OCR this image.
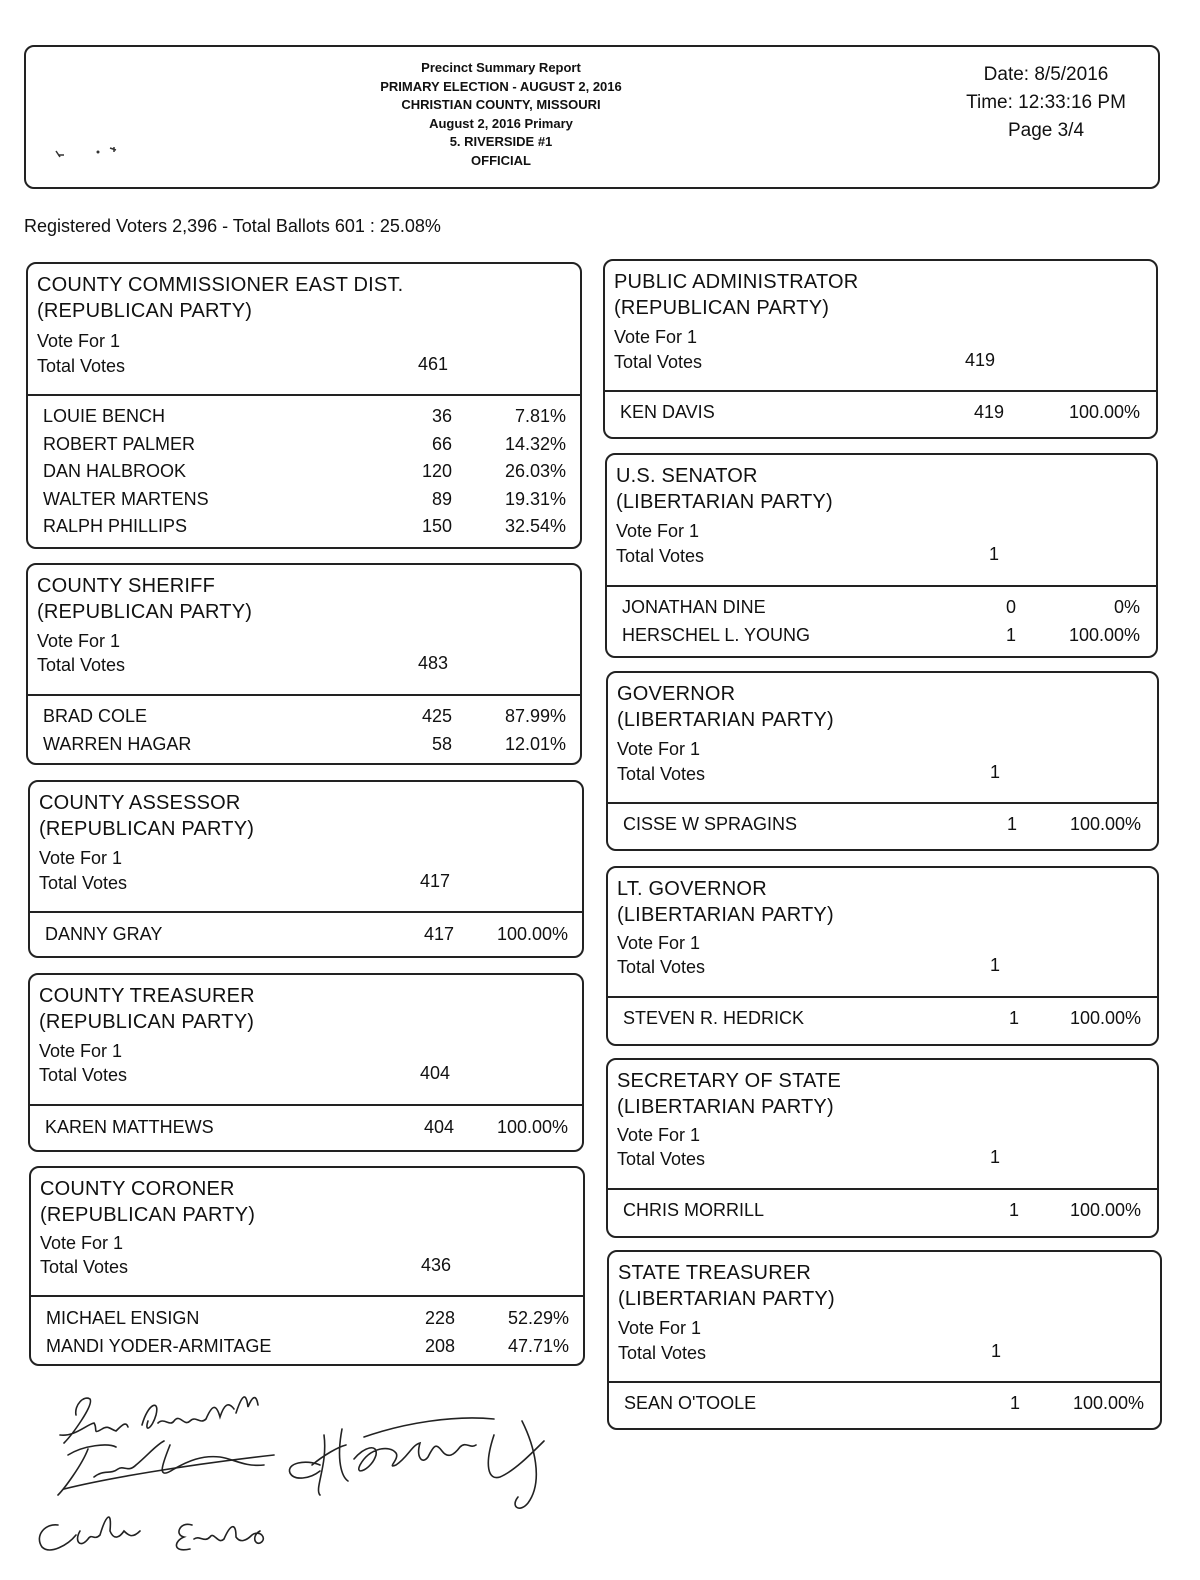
Precinct Summary Report
PRIMARY ELECTION - AUGUST 2, 2016
CHRISTIAN COUNTY, MISSOURI
August 2, 2016 Primary
5. RIVERSIDE #1
OFFICIAL
Date: 8/5/2016
Time: 12:33:16 PM
Page 3/4
Registered Voters 2,396 - Total Ballots 601 : 25.08%
COUNTY COMMISSIONER EAST DIST.
(REPUBLICAN PARTY)
Vote For 1
Total Votes	461
LOUIE BENCH	36	7.81%
ROBERT PALMER	66	14.32%
DAN HALBROOK	120	26.03%
WALTER MARTENS	89	19.31%
RALPH PHILLIPS	150	32.54%
COUNTY SHERIFF
(REPUBLICAN PARTY)
Vote For 1
Total Votes	483
BRAD COLE	425	87.99%
WARREN HAGAR	58	12.01%
COUNTY ASSESSOR
(REPUBLICAN PARTY)
Vote For 1
Total Votes	417
DANNY GRAY	417	100.00%
COUNTY TREASURER
(REPUBLICAN PARTY)
Vote For 1
Total Votes	404
KAREN MATTHEWS	404	100.00%
COUNTY CORONER
(REPUBLICAN PARTY)
Vote For 1
Total Votes	436
MICHAEL ENSIGN	228	52.29%
MANDI YODER-ARMITAGE	208	47.71%
PUBLIC ADMINISTRATOR
(REPUBLICAN PARTY)
Vote For 1
Total Votes	419
KEN DAVIS	419	100.00%
U.S. SENATOR
(LIBERTARIAN PARTY)
Vote For 1
Total Votes	1
JONATHAN DINE	0	0%
HERSCHEL L. YOUNG	1	100.00%
GOVERNOR
(LIBERTARIAN PARTY)
Vote For 1
Total Votes	1
CISSE W SPRAGINS	1	100.00%
LT. GOVERNOR
(LIBERTARIAN PARTY)
Vote For 1
Total Votes	1
STEVEN R. HEDRICK	1	100.00%
SECRETARY OF STATE
(LIBERTARIAN PARTY)
Vote For 1
Total Votes	1
CHRIS MORRILL	1	100.00%
STATE TREASURER
(LIBERTARIAN PARTY)
Vote For 1
Total Votes	1
SEAN O'TOOLE	1	100.00%
